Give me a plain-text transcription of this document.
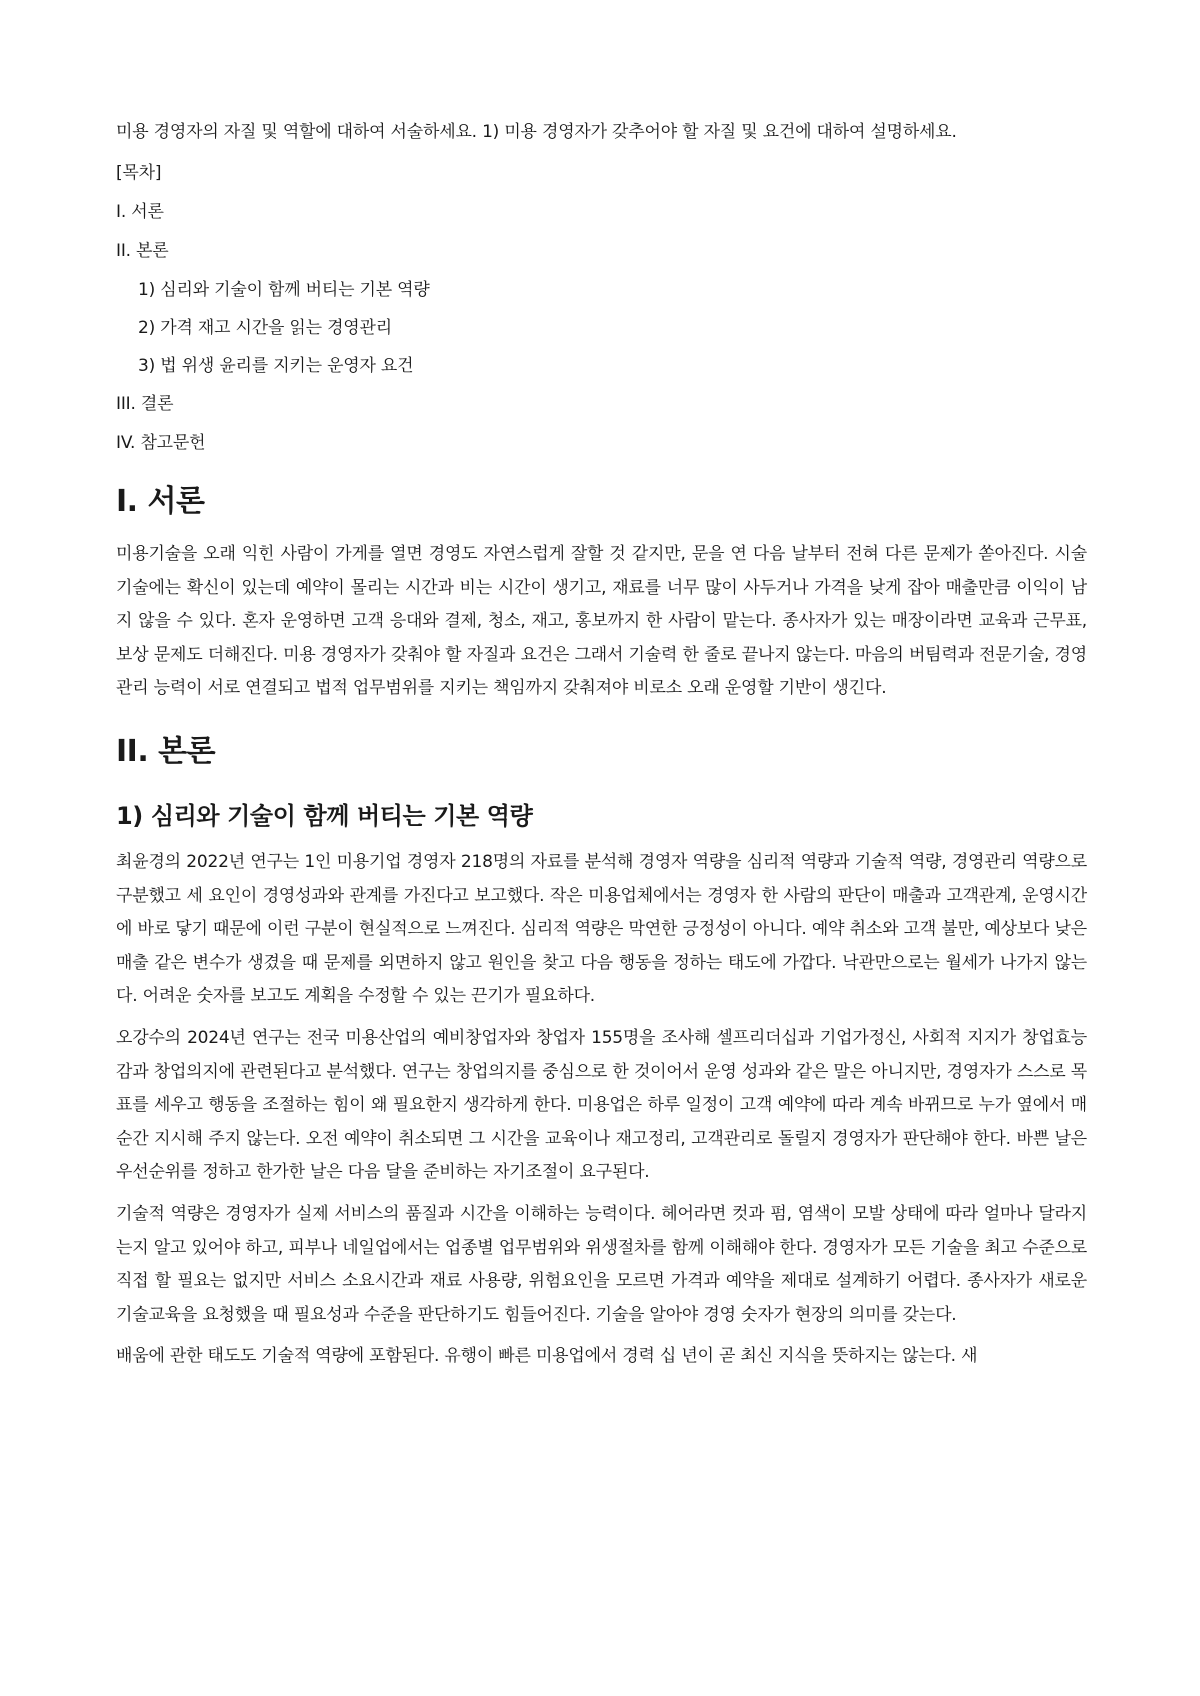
미용 경영자의 자질 및 역할에 대하여 서술하세요. 1) 미용 경영자가 갖추어야 할 자질 및 요건에 대하여 설명하세요.

[목차]
I. 서론
II. 본론
1) 심리와 기술이 함께 버티는 기본 역량
2) 가격 재고 시간을 읽는 경영관리
3) 법 위생 윤리를 지키는 운영자 요건
III. 결론
IV. 참고문헌
I. 서론

미용기술을 오래 익힌 사람이 가게를 열면 경영도 자연스럽게 잘할 것 같지만, 문을 연 다음 날부터 전혀 다른 문제가 쏟아진다. 시술 기술에는 확신이 있는데 예약이 몰리는 시간과 비는 시간이 생기고, 재료를 너무 많이 사두거나 가격을 낮게 잡아 매출만큼 이익이 남지 않을 수 있다. 혼자 운영하면 고객 응대와 결제, 청소, 재고, 홍보까지 한 사람이 맡는다. 종사자가 있는 매장이라면 교육과 근무표, 보상 문제도 더해진다. 미용 경영자가 갖춰야 할 자질과 요건은 그래서 기술력 한 줄로 끝나지 않는다. 마음의 버팀력과 전문기술, 경영관리 능력이 서로 연결되고 법적 업무범위를 지키는 책임까지 갖춰져야 비로소 오래 운영할 기반이 생긴다.

II. 본론
1) 심리와 기술이 함께 버티는 기본 역량

최윤경의 2022년 연구는 1인 미용기업 경영자 218명의 자료를 분석해 경영자 역량을 심리적 역량과 기술적 역량, 경영관리 역량으로 구분했고 세 요인이 경영성과와 관계를 가진다고 보고했다. 작은 미용업체에서는 경영자 한 사람의 판단이 매출과 고객관계, 운영시간에 바로 닿기 때문에 이런 구분이 현실적으로 느껴진다. 심리적 역량은 막연한 긍정성이 아니다. 예약 취소와 고객 불만, 예상보다 낮은 매출 같은 변수가 생겼을 때 문제를 외면하지 않고 원인을 찾고 다음 행동을 정하는 태도에 가깝다. 낙관만으로는 월세가 나가지 않는다. 어려운 숫자를 보고도 계획을 수정할 수 있는 끈기가 필요하다.

오강수의 2024년 연구는 전국 미용산업의 예비창업자와 창업자 155명을 조사해 셀프리더십과 기업가정신, 사회적 지지가 창업효능감과 창업의지에 관련된다고 분석했다. 연구는 창업의지를 중심으로 한 것이어서 운영 성과와 같은 말은 아니지만, 경영자가 스스로 목표를 세우고 행동을 조절하는 힘이 왜 필요한지 생각하게 한다. 미용업은 하루 일정이 고객 예약에 따라 계속 바뀌므로 누가 옆에서 매 순간 지시해 주지 않는다. 오전 예약이 취소되면 그 시간을 교육이나 재고정리, 고객관리로 돌릴지 경영자가 판단해야 한다. 바쁜 날은 우선순위를 정하고 한가한 날은 다음 달을 준비하는 자기조절이 요구된다.

기술적 역량은 경영자가 실제 서비스의 품질과 시간을 이해하는 능력이다. 헤어라면 컷과 펌, 염색이 모발 상태에 따라 얼마나 달라지는지 알고 있어야 하고, 피부나 네일업에서는 업종별 업무범위와 위생절차를 함께 이해해야 한다. 경영자가 모든 기술을 최고 수준으로 직접 할 필요는 없지만 서비스 소요시간과 재료 사용량, 위험요인을 모르면 가격과 예약을 제대로 설계하기 어렵다. 종사자가 새로운 기술교육을 요청했을 때 필요성과 수준을 판단하기도 힘들어진다. 기술을 알아야 경영 숫자가 현장의 의미를 갖는다.

배움에 관한 태도도 기술적 역량에 포함된다. 유행이 빠른 미용업에서 경력 십 년이 곧 최신 지식을 뜻하지는 않는다. 새
